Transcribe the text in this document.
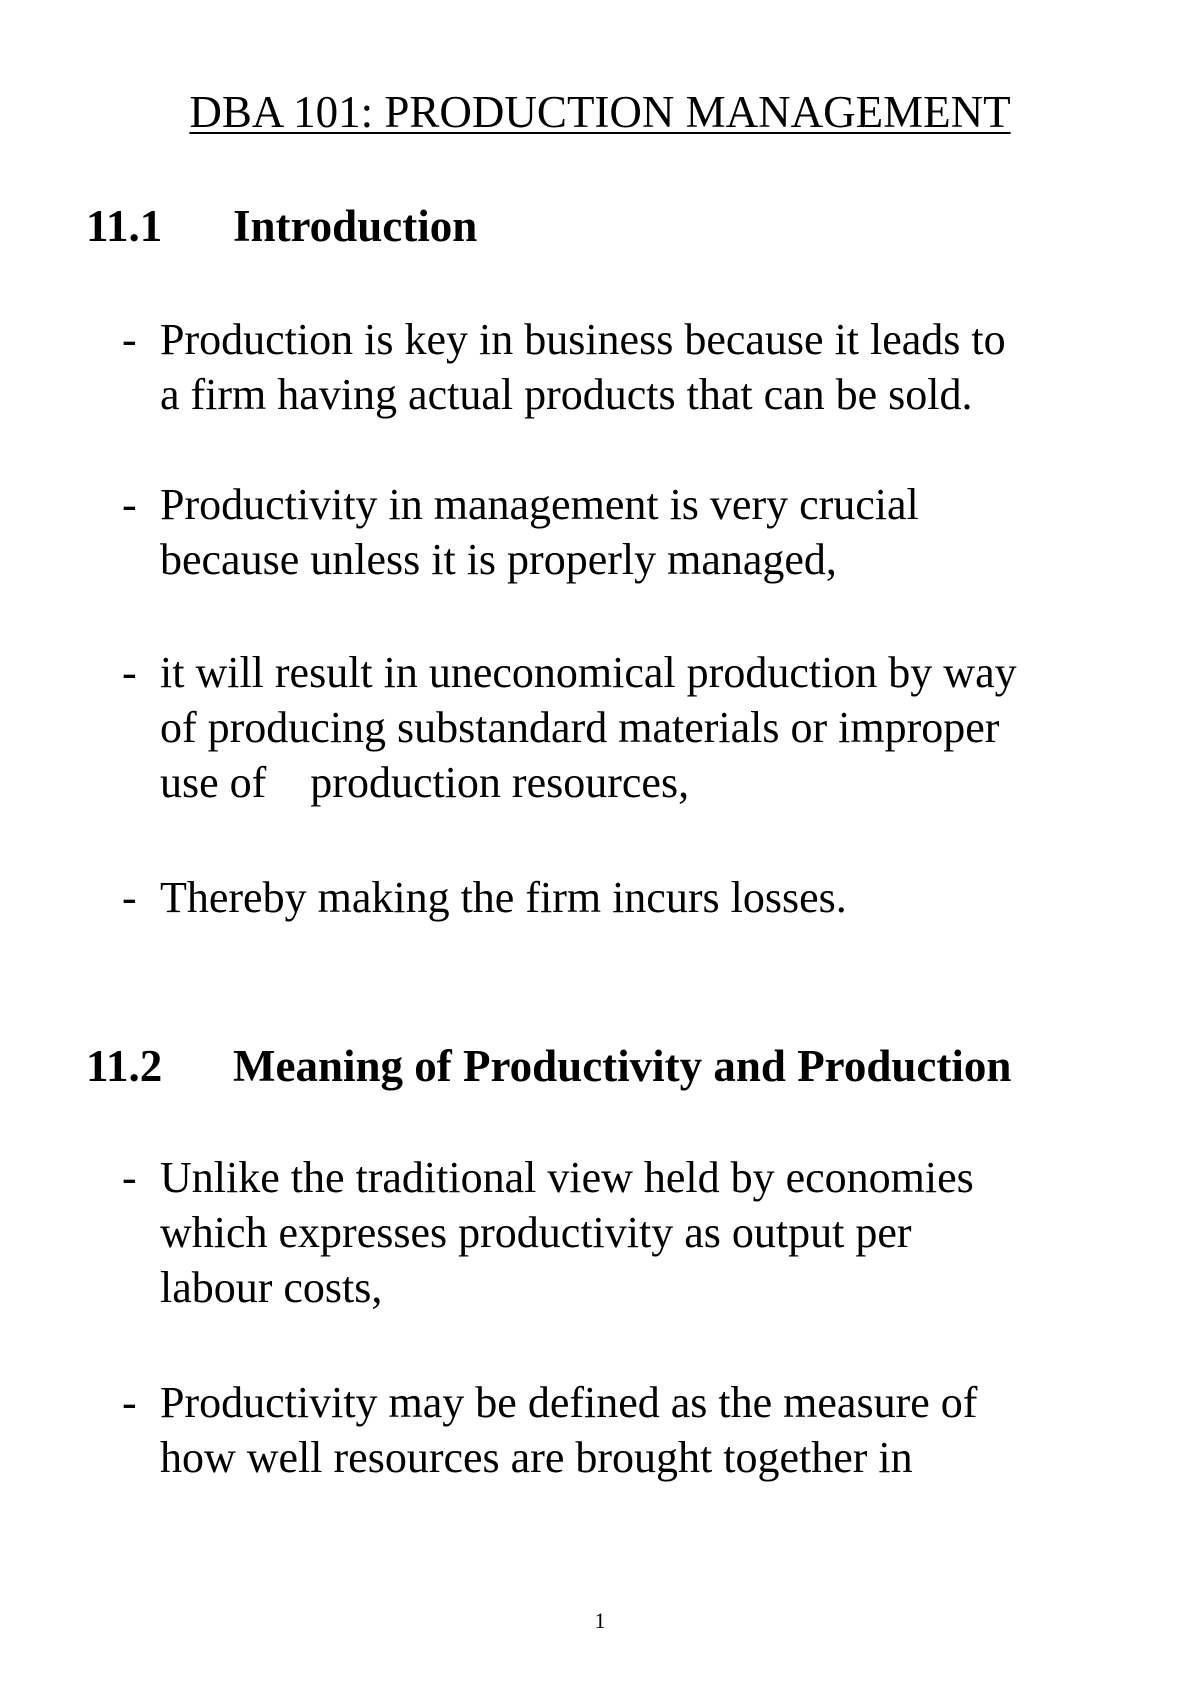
DBA 101: PRODUCTION MANAGEMENT
11.1 Introduction
- Production is key in business because it leads to
a firm having actual products that can be sold.
- Productivity in management is very crucial
because unless it is properly managed,
- it will result in uneconomical production by way
of producing substandard materials or improper
use of    production resources,
- Thereby making the firm incurs losses.
11.2 Meaning of Productivity and Production
- Unlike the traditional view held by economies
which expresses productivity as output per
labour costs,
- Productivity may be defined as the measure of
how well resources are brought together in
1
